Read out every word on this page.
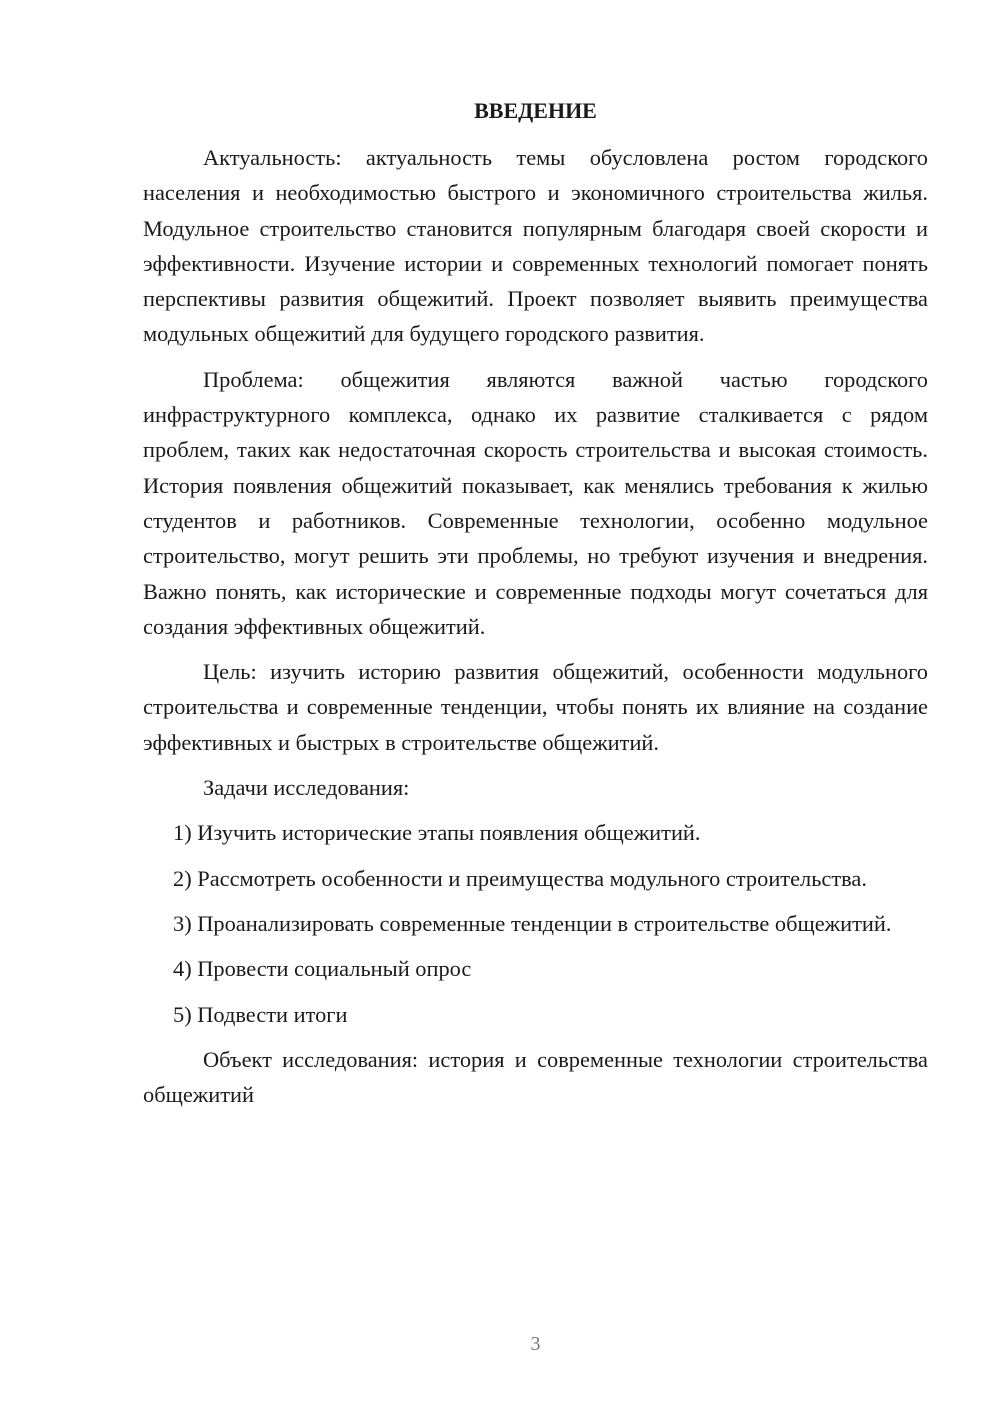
ВВЕДЕНИЕ

Актуальность: актуальность темы обусловлена ростом городского населения и необходимостью быстрого и экономичного строительства жилья. Модульное строительство становится популярным благодаря своей скорости и эффективности. Изучение истории и современных технологий помогает понять перспективы развития общежитий. Проект позволяет выявить преимущества модульных общежитий для будущего городского развития.

Проблема: общежития являются важной частью городского инфраструктурного комплекса, однако их развитие сталкивается с рядом проблем, таких как недостаточная скорость строительства и высокая стоимость. История появления общежитий показывает, как менялись требования к жилью студентов и работников. Современные технологии, особенно модульное строительство, могут решить эти проблемы, но требуют изучения и внедрения. Важно понять, как исторические и современные подходы могут сочетаться для создания эффективных общежитий.

Цель: изучить историю развития общежитий, особенности модульного строительства и современные тенденции, чтобы понять их влияние на создание эффективных и быстрых в строительстве общежитий.

Задачи исследования:

1) Изучить исторические этапы появления общежитий.

2) Рассмотреть особенности и преимущества модульного строительства.

3) Проанализировать современные тенденции в строительстве общежитий.

4) Провести социальный опрос

5) Подвести итоги

Объект исследования: история и современные технологии строительства общежитий

3
